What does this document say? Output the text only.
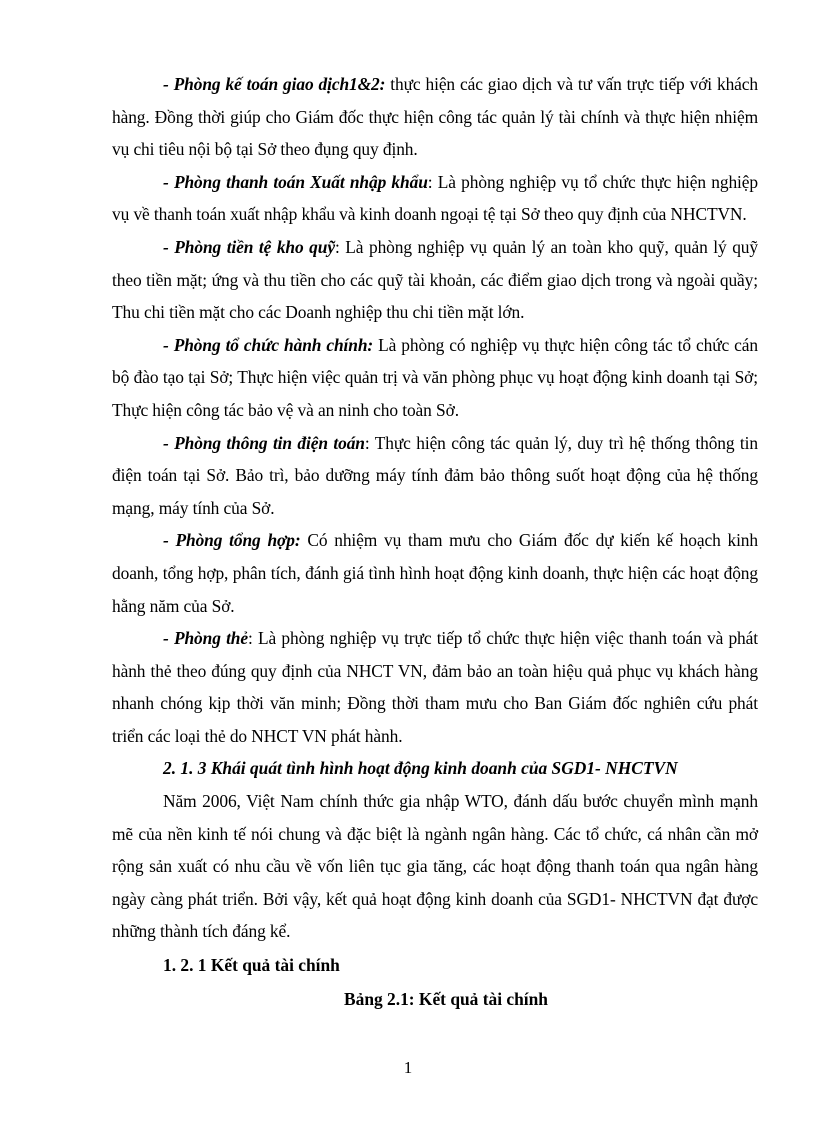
- Phòng kế toán giao dịch1&2: thực hiện các giao dịch và tư vấn trực tiếp với khách hàng. Đồng thời giúp cho Giám đốc thực hiện công tác quản lý tài chính và thực hiện nhiệm vụ chi tiêu nội bộ tại Sở theo đụng quy định.

- Phòng thanh toán Xuất nhập khẩu: Là phòng nghiệp vụ tổ chức thực hiện nghiệp vụ về thanh toán xuất nhập khẩu và kinh doanh ngoại tệ tại Sở theo quy định của NHCTVN.

- Phòng tiền tệ kho quỹ: Là phòng nghiệp vụ quản lý an toàn kho quỹ, quản lý quỹ theo tiền mặt; ứng và thu tiền cho các quỹ tài khoản, các điểm giao dịch trong và ngoài quầy; Thu chi tiền mặt cho các Doanh nghiệp thu chi tiền mặt lớn.

- Phòng tổ chức hành chính: Là phòng có nghiệp vụ thực hiện công tác tổ chức cán bộ đào tạo tại Sở; Thực hiện việc quản trị và văn phòng phục vụ hoạt động kinh doanh tại Sở; Thực hiện công tác bảo vệ và an ninh cho toàn Sở.

- Phòng thông tin điện toán: Thực hiện công tác quản lý, duy trì hệ thống thông tin điện toán tại Sở. Bảo trì, bảo dưỡng máy tính đảm bảo thông suốt hoạt động của hệ thống mạng, máy tính của Sở.

- Phòng tổng hợp: Có nhiệm vụ tham mưu cho Giám đốc dự kiến kế hoạch kinh doanh, tổng hợp, phân tích, đánh giá tình hình hoạt động kinh doanh, thực hiện các hoạt động hằng năm của Sở.

- Phòng thẻ: Là phòng nghiệp vụ trực tiếp tổ chức thực hiện việc thanh toán và phát hành thẻ theo đúng quy định của NHCT VN, đảm bảo an toàn hiệu quả phục vụ khách hàng nhanh chóng kịp thời văn minh; Đồng thời tham mưu cho Ban Giám đốc nghiên cứu phát triển các loại thẻ do NHCT VN phát hành.

2. 1. 3 Khái quát tình hình hoạt động kinh doanh của SGD1- NHCTVN

Năm 2006, Việt Nam chính thức gia nhập WTO, đánh dấu bước chuyển mình mạnh mẽ của nền kinh tế nói chung và đặc biệt là ngành ngân hàng. Các tổ chức, cá nhân cần mở rộng sản xuất có nhu cầu về vốn liên tục gia tăng, các hoạt động thanh toán qua ngân hàng ngày càng phát triển. Bởi vậy, kết quả hoạt động kinh doanh của SGD1- NHCTVN đạt được những thành tích đáng kể.

1. 2. 1 Kết quả tài chính

Bảng 2.1: Kết quả tài chính

1
